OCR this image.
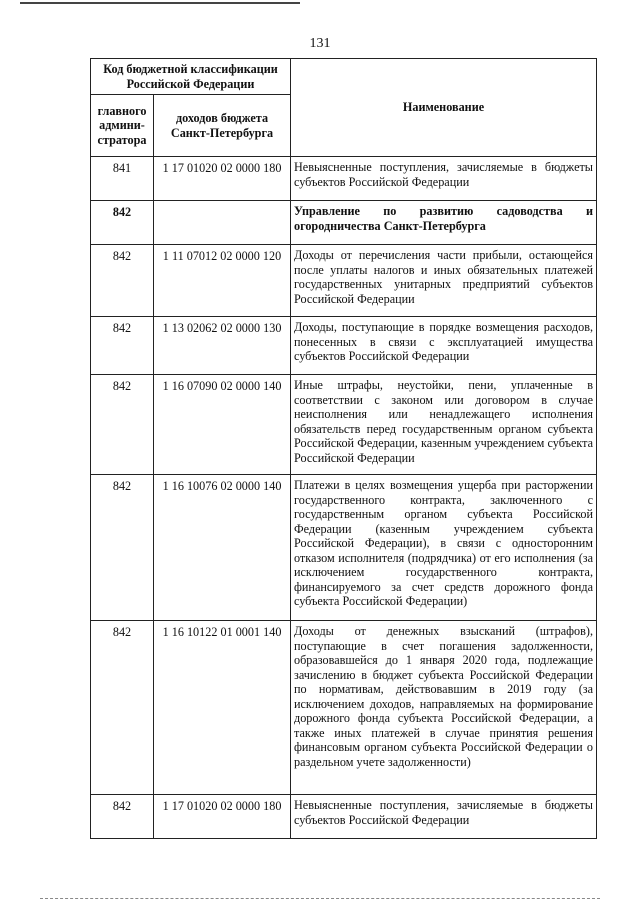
131
Код бюджетной классификации Российской Федерации		Наименование
главного админи-стратора	доходов бюджета Санкт-Петербурга	
841	1 17 01020 02 0000 180	Невыясненные поступления, зачисляемые в бюджеты субъектов Российской Федерации
842		Управление по развитию садоводства и огородничества Санкт-Петербурга
842	1 11 07012 02 0000 120	Доходы от перечисления части прибыли, остающейся после уплаты налогов и иных обязательных платежей государственных унитарных предприятий субъектов Российской Федерации
842	1 13 02062 02 0000 130	Доходы, поступающие в порядке возмещения расходов, понесенных в связи с эксплуатацией имущества субъектов Российской Федерации
842	1 16 07090 02 0000 140	Иные штрафы, неустойки, пени, уплаченные в соответствии с законом или договором в случае неисполнения или ненадлежащего исполнения обязательств перед государственным органом субъекта Российской Федерации, казенным учреждением субъекта Российской Федерации
842	1 16 10076 02 0000 140	Платежи в целях возмещения ущерба при расторжении государственного контракта, заключенного с государственным органом субъекта Российской Федерации (казенным учреждением субъекта Российской Федерации), в связи с односторонним отказом исполнителя (подрядчика) от его исполнения (за исключением государственного контракта, финансируемого за счет средств дорожного фонда субъекта Российской Федерации)
842	1 16 10122 01 0001 140	Доходы от денежных взысканий (штрафов), поступающие в счет погашения задолженности, образовавшейся до 1 января 2020 года, подлежащие зачислению в бюджет субъекта Российской Федерации по нормативам, действовавшим в 2019 году (за исключением доходов, направляемых на формирование дорожного фонда субъекта Российской Федерации, а также иных платежей в случае принятия решения финансовым органом субъекта Российской Федерации о раздельном учете задолженности)
842	1 17 01020 02 0000 180	Невыясненные поступления, зачисляемые в бюджеты субъектов Российской Федерации
